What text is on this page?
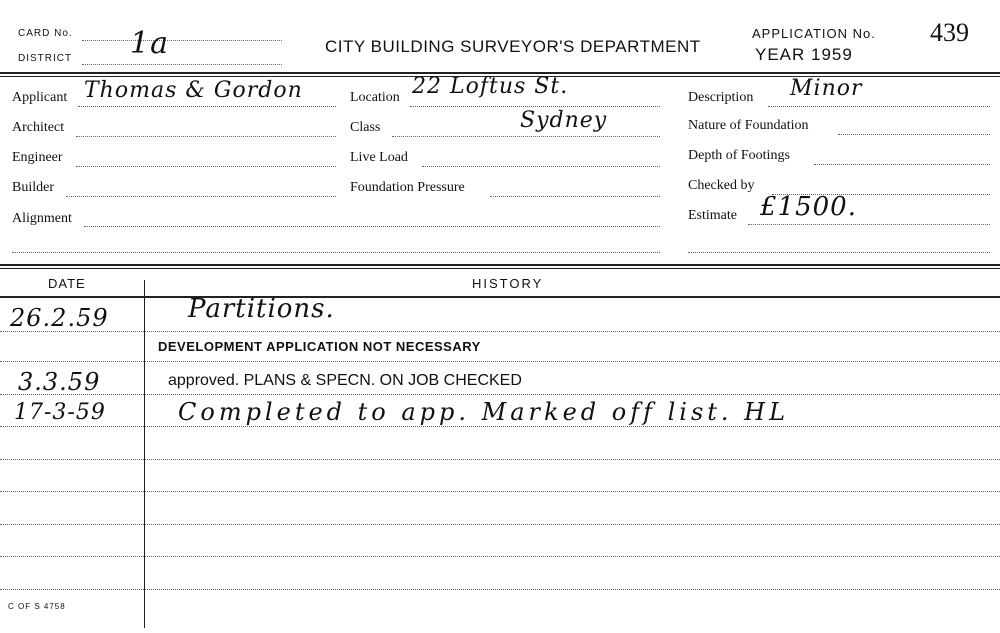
CARD No.
DISTRICT 1a	CITY BUILDING SURVEYOR'S DEPARTMENT
APPLICATION No. 439
YEAR 1959
Applicant Thomas & Gordon
Architect
Engineer
Builder
Alignment
Location 22 Loftus St.
Sydney
Class
Live Load
Foundation Pressure
Description Minor
Nature of Foundation
Depth of Footings
Checked by
Estimate £1500.
DATE	HISTORY
26.2.59	Partitions.
DEVELOPMENT APPLICATION NOT NECESSARY
3.3.59	approved. PLANS & SPECN. ON JOB CHECKED
17-3-59	Completed to app. Marked off list. HL
C OF S 4758
